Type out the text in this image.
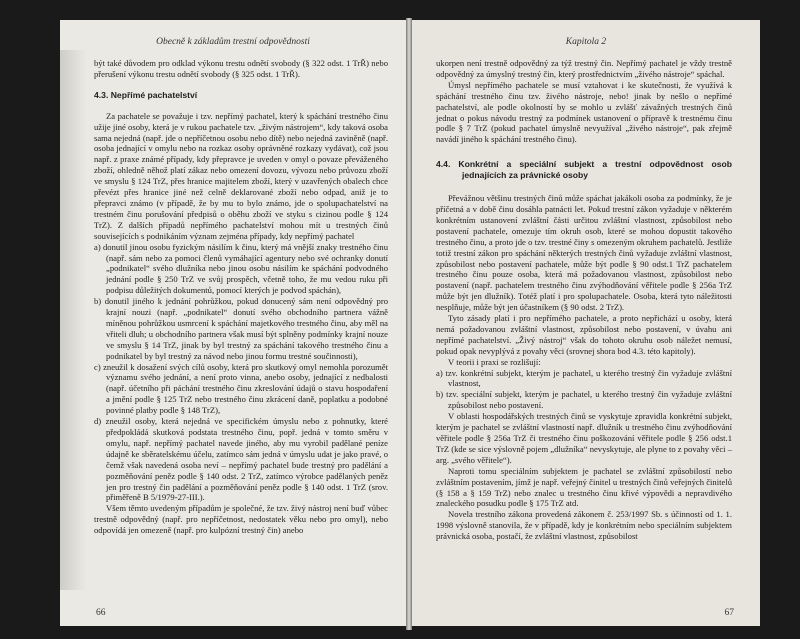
Obecně k základům trestní odpovědnosti

být také důvodem pro odklad výkonu trestu odnětí svobody (§ 322 odst. 1 TrŘ) nebo přerušení výkonu trestu odnětí svobody (§ 325 odst. 1 TrŘ).

4.3. Nepřímé pachatelství

Za pachatele se považuje i tzv. nepřímý pachatel, který k spáchání trestného činu užije jiné osoby, která je v rukou pachatele tzv. „živým nástrojem“, kdy taková osoba sama nejedná (např. jde o nepříčetnou osobu nebo dítě) nebo nejedná zaviněně (např. osoba jednající v omylu nebo na rozkaz osoby oprávněné rozkazy vydávat), což jsou např. z praxe známé případy, kdy přepravce je uveden v omyl o povaze převáženého zboží, ohledně něhož platí zákaz nebo omezení dovozu, vývozu nebo průvozu zboží ve smyslu § 124 TrZ, přes hranice majitelem zboží, který v uzavřených obalech chce převézt přes hranice jiné než celně deklarované zboží nebo odpad, aniž je to přepravci známo (v případě, že by mu to bylo známo, jde o spolupachatelství na trestném činu porušování předpisů o oběhu zboží ve styku s cizinou podle § 124 TrZ). Z dalších případů nepřímého pachatelství mohou mít u trestných činů souvisejících s podnikáním význam zejména případy, kdy nepřímý pachatel

a) donutil jinou osobu fyzickým násilím k činu, který má vnější znaky trestného činu (např. sám nebo za pomoci členů vymáhající agentury nebo své ochranky donutí „podnikatel“ svého dlužníka nebo jinou osobu násilím ke spáchání podvodného jednání podle § 250 TrZ ve svůj prospěch, včetně toho, že mu vedou ruku při podpisu důležitých dokumentů, pomocí kterých je podvod spáchán),
b) donutil jiného k jednání pohrůžkou, pokud donucený sám není odpovědný pro krajní nouzi (např. „podnikatel“ donutí svého obchodního partnera vážně míněnou pohrůžkou usmrcení k spáchání majetkového trestného činu, aby měl na vřiteli dluh; u obchodního partnera však musí být splněny podmínky krajní nouze ve smyslu § 14 TrZ, jinak by byl trestný za spáchání takového trestného činu a podnikatel by byl trestný za návod nebo jinou formu trestné součinnosti),
c) zneužil k dosažení svých cílů osoby, která pro skutkový omyl nemohla porozumět významu svého jednání, a není proto vinna, anebo osoby, jednající z nedbalosti (např. účetního při páchání trestného činu zkreslování údajů o stavu hospodaření a jmění podle § 125 TrZ nebo trestného činu zkrácení daně, poplatku a podobné povinné platby podle § 148 TrZ),
d) zneužil osoby, která nejedná ve specifickém úmyslu nebo z pohnutky, které předpokládá skutková podstata trestného činu, popř. jedná v tomto směru v omylu, např. nepřímý pachatel navede jiného, aby mu vyrobil padělané peníze údajně ke sběratelskému účelu, zatímco sám jedná v úmyslu udat je jako pravé, o čemž však navedená osoba neví – nepřímý pachatel bude trestný pro padělání a pozměňování peněz podle § 140 odst. 2 TrZ, zatímco výrobce padělaných peněz jen pro trestný čin padělání a pozměňování peněz podle § 140 odst. 1 TrZ (srov. přiměřeně B 5/1979-27-III.).

Všem těmto uvedeným případům je společné, že tzv. živý nástroj není buď vůbec trestně odpovědný (např. pro nepříčetnost, nedostatek věku nebo pro omyl), nebo odpovídá jen omezeně (např. pro kulpózní trestný čin) anebo

66
Kapitola 2

ukorpen není trestně odpovědný za týž trestný čin. Nepřímý pachatel je vždy trestně odpovědný za úmyslný trestný čin, který prostřednictvím „živého nástroje“ spáchal.

Úmysl nepřímého pachatele se musí vztahovat i ke skutečnosti, že využívá k spáchání trestného činu tzv. živého nástroje, nebo! jinak by nešlo o nepřímé pachatelství, ale podle okolností by se mohlo u zvlášť závažných trestných činů jednat o pokus návodu trestný za podmínek ustanovení o přípravě k trestnému činu podle § 7 TrZ (pokud pachatel úmyslně nevyužíval „živého nástroje“, pak zřejmě navádí jiného k spáchání trestného činu).

4.4. Konkrétní a speciální subjekt a trestní odpovědnost osob jednajících za právnické osoby

Převážnou většinu trestných činů může spáchat jakákoli osoba za podmínky, že je příčetná a v době činu dosáhla patnácti let. Pokud trestní zákon vyžaduje v některém konkrétním ustanovení zvláštní části určitou zvláštní vlastnost, způsobilost nebo postavení pachatele, omezuje tím okruh osob, které se mohou dopustit takového trestného činu, a proto jde o tzv. trestné činy s omezeným okruhem pachatelů. Jestliže totiž trestní zákon pro spáchání některých trestných činů vyžaduje zvláštní vlastnost, způsobilost nebo postavení pachatele, může být podle § 90 odst.1 TrZ pachatelem trestného činu pouze osoba, která má požadovanou vlastnost, způsobilost nebo postavení (např. pachatelem trestného činu zvýhodňování věřitele podle § 256a TrZ může být jen dlužník). Totéž platí i pro spolupachatele. Osoba, která tyto náležitosti nesplňuje, může být jen účastníkem (§ 90 odst. 2 TrZ).

Tyto zásady platí i pro nepřímého pachatele, a proto nepřichází u osoby, která nemá požadovanou zvláštní vlastnost, způsobilost nebo postavení, v úvahu ani nepřímé pachatelství. „Živý nástroj“ však do tohoto okruhu osob náležet nemusí, pokud opak nevyplývá z povahy věci (srovnej shora bod 4.3. této kapitoly).

V teorii i praxi se rozlišují:

a) tzv. konkrétní subjekt, kterým je pachatel, u kterého trestný čin vyžaduje zvláštní vlastnost,
b) tzv. speciální subjekt, kterým je pachatel, u kterého trestný čin vyžaduje zvláštní způsobilost nebo postavení.

V oblasti hospodářských trestných činů se vyskytuje zpravidla konkrétní subjekt, kterým je pachatel se zvláštní vlastností např. dlužník u trestného činu zvýhodňování věřitele podle § 256a TrZ či trestného činu poškozování věřitele podle § 256 odst.1 TrZ (kde se sice výslovně pojem „dlužníka“ nevyskytuje, ale plyne to z povahy věci – arg. „svého věřitele“).

Naproti tomu speciálním subjektem je pachatel se zvláštní způsobilostí nebo zvláštním postavením, jímž je např. veřejný činitel u trestných činů veřejných činitelů (§ 158 a § 159 TrZ) nebo znalec u trestného činu křivé výpovědi a nepravdivého znaleckého posudku podle § 175 TrZ atd.

Novela trestního zákona provedená zákonem č. 253/1997 Sb. s účinností od 1. 1. 1998 výslovně stanovila, že v případě, kdy je konkrétním nebo speciálním subjektem právnická osoba, postačí, že zvláštní vlastnost, způsobilost

67
